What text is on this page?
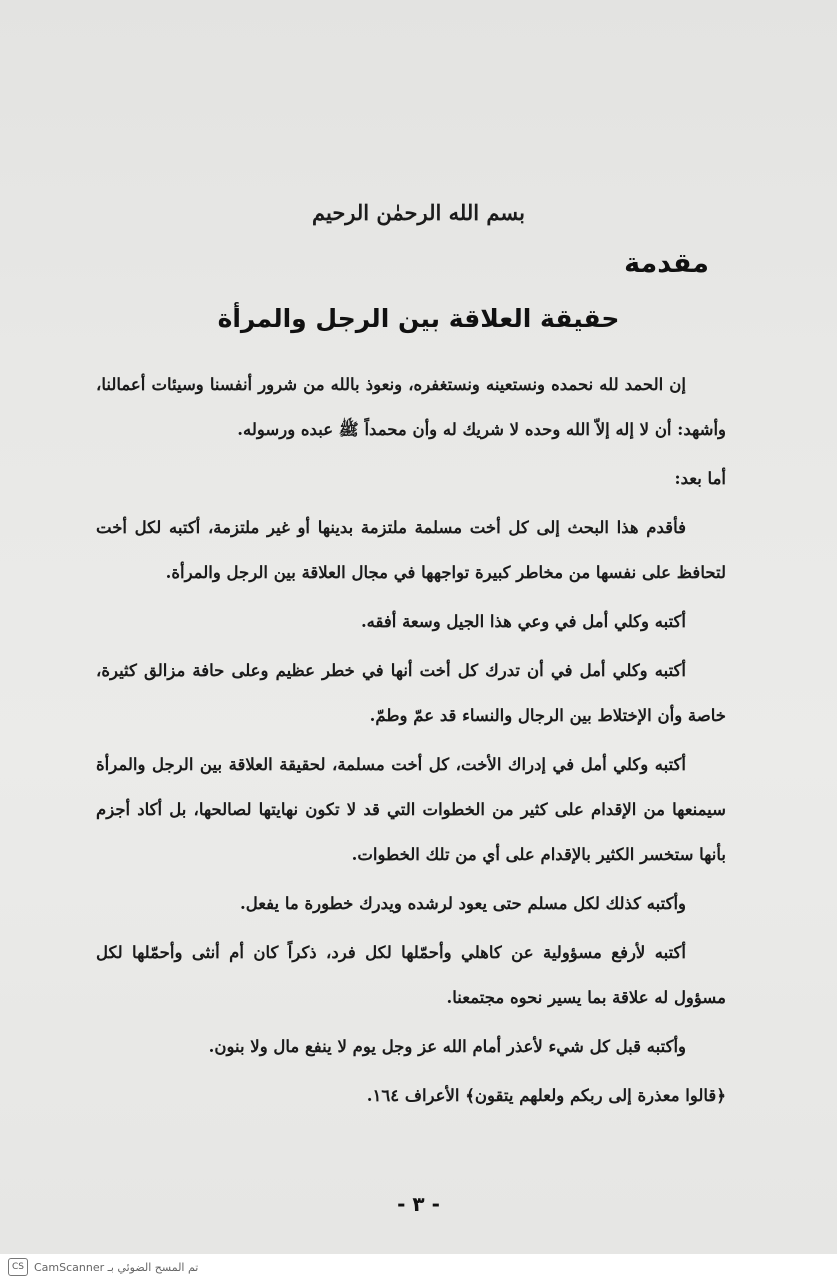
بسم الله الرحمٰن الرحيم
مقدمة
حقيقة العلاقة بين الرجل والمرأة

إن الحمد لله نحمده ونستعينه ونستغفره، ونعوذ بالله من شرور أنفسنا وسيئات أعمالنا، وأشهد: أن لا إله إلاّ الله وحده لا شريك له وأن محمداً ﷺ عبده ورسوله.

أما بعد:

فأقدم هذا البحث إلى كل أخت مسلمة ملتزمة بدينها أو غير ملتزمة، أكتبه لكل أخت لتحافظ على نفسها من مخاطر كبيرة تواجهها في مجال العلاقة بين الرجل والمرأة.

أكتبه وكلي أمل في وعي هذا الجيل وسعة أفقه.

أكتبه وكلي أمل في أن تدرك كل أخت أنها في خطر عظيم وعلى حافة مزالق كثيرة، خاصة وأن الإختلاط بين الرجال والنساء قد عمّ وطمّ.

أكتبه وكلي أمل في إدراك الأخت، كل أخت مسلمة، لحقيقة العلاقة بين الرجل والمرأة سيمنعها من الإقدام على كثير من الخطوات التي قد لا تكون نهايتها لصالحها، بل أكاد أجزم بأنها ستخسر الكثير بالإقدام على أي من تلك الخطوات.

وأكتبه كذلك لكل مسلم حتى يعود لرشده ويدرك خطورة ما يفعل.

أكتبه لأرفع مسؤولية عن كاهلي وأحمّلها لكل فرد، ذكراً كان أم أنثى وأحمّلها لكل مسؤول له علاقة بما يسير نحوه مجتمعنا.

وأكتبه قبل كل شيء لأعذر أمام الله عز وجل يوم لا ينفع مال ولا بنون.

﴿قالوا معذرة إلى ربكم ولعلهم يتقون﴾ الأعراف ١٦٤.

- ٣ -
تم المسح الضوئي بـ CamScanner
CS
